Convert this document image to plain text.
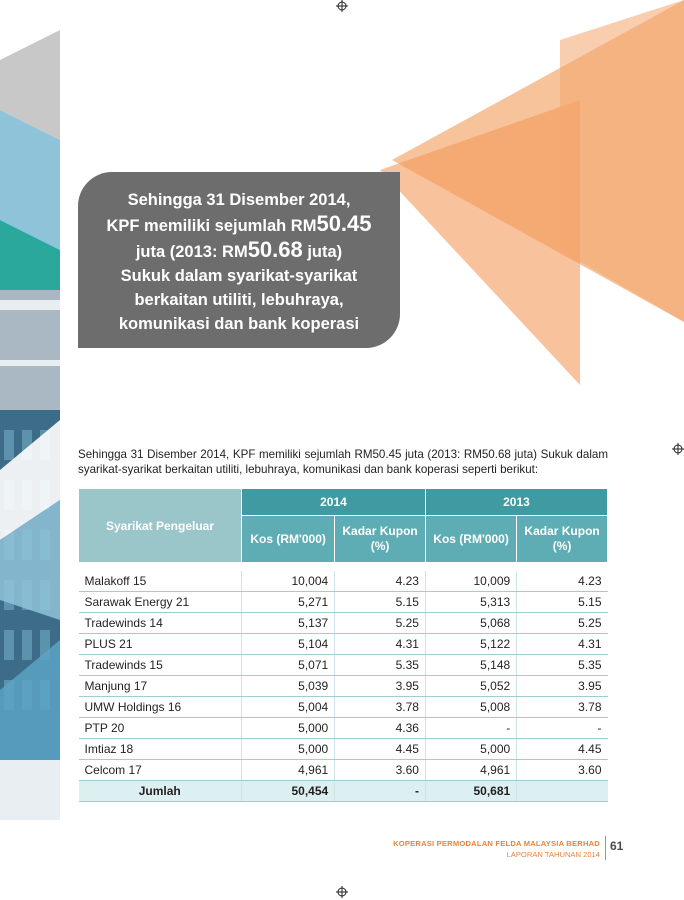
Sehingga 31 Disember 2014,
KPF memiliki sejumlah RM50.45
juta (2013: RM50.68 juta)
Sukuk dalam syarikat-syarikat
berkaitan utiliti, lebuhraya,
komunikasi dan bank koperasi

Sehingga 31 Disember 2014, KPF memiliki sejumlah RM50.45 juta (2013: RM50.68 juta) Sukuk dalam syarikat-syarikat berkaitan utiliti, lebuhraya, komunikasi dan bank koperasi seperti berikut:

Syarikat Pengeluar	2014		2013	
	Kos (RM'000)	Kadar Kupon (%)	Kos (RM'000)	Kadar Kupon (%)

Malakoff 15	10,004	4.23	10,009	4.23
Sarawak Energy 21	5,271	5.15	5,313	5.15
Tradewinds 14	5,137	5.25	5,068	5.25
PLUS 21	5,104	4.31	5,122	4.31
Tradewinds 15	5,071	5.35	5,148	5.35
Manjung 17	5,039	3.95	5,052	3.95
UMW Holdings 16	5,004	3.78	5,008	3.78
PTP 20	5,000	4.36	-	-
Imtiaz 18	5,000	4.45	5,000	4.45
Celcom 17	4,961	3.60	4,961	3.60
Jumlah	50,454	-	50,681	
KOPERASI PERMODALAN FELDA MALAYSIA BERHAD
LAPORAN TAHUNAN 2014
61
